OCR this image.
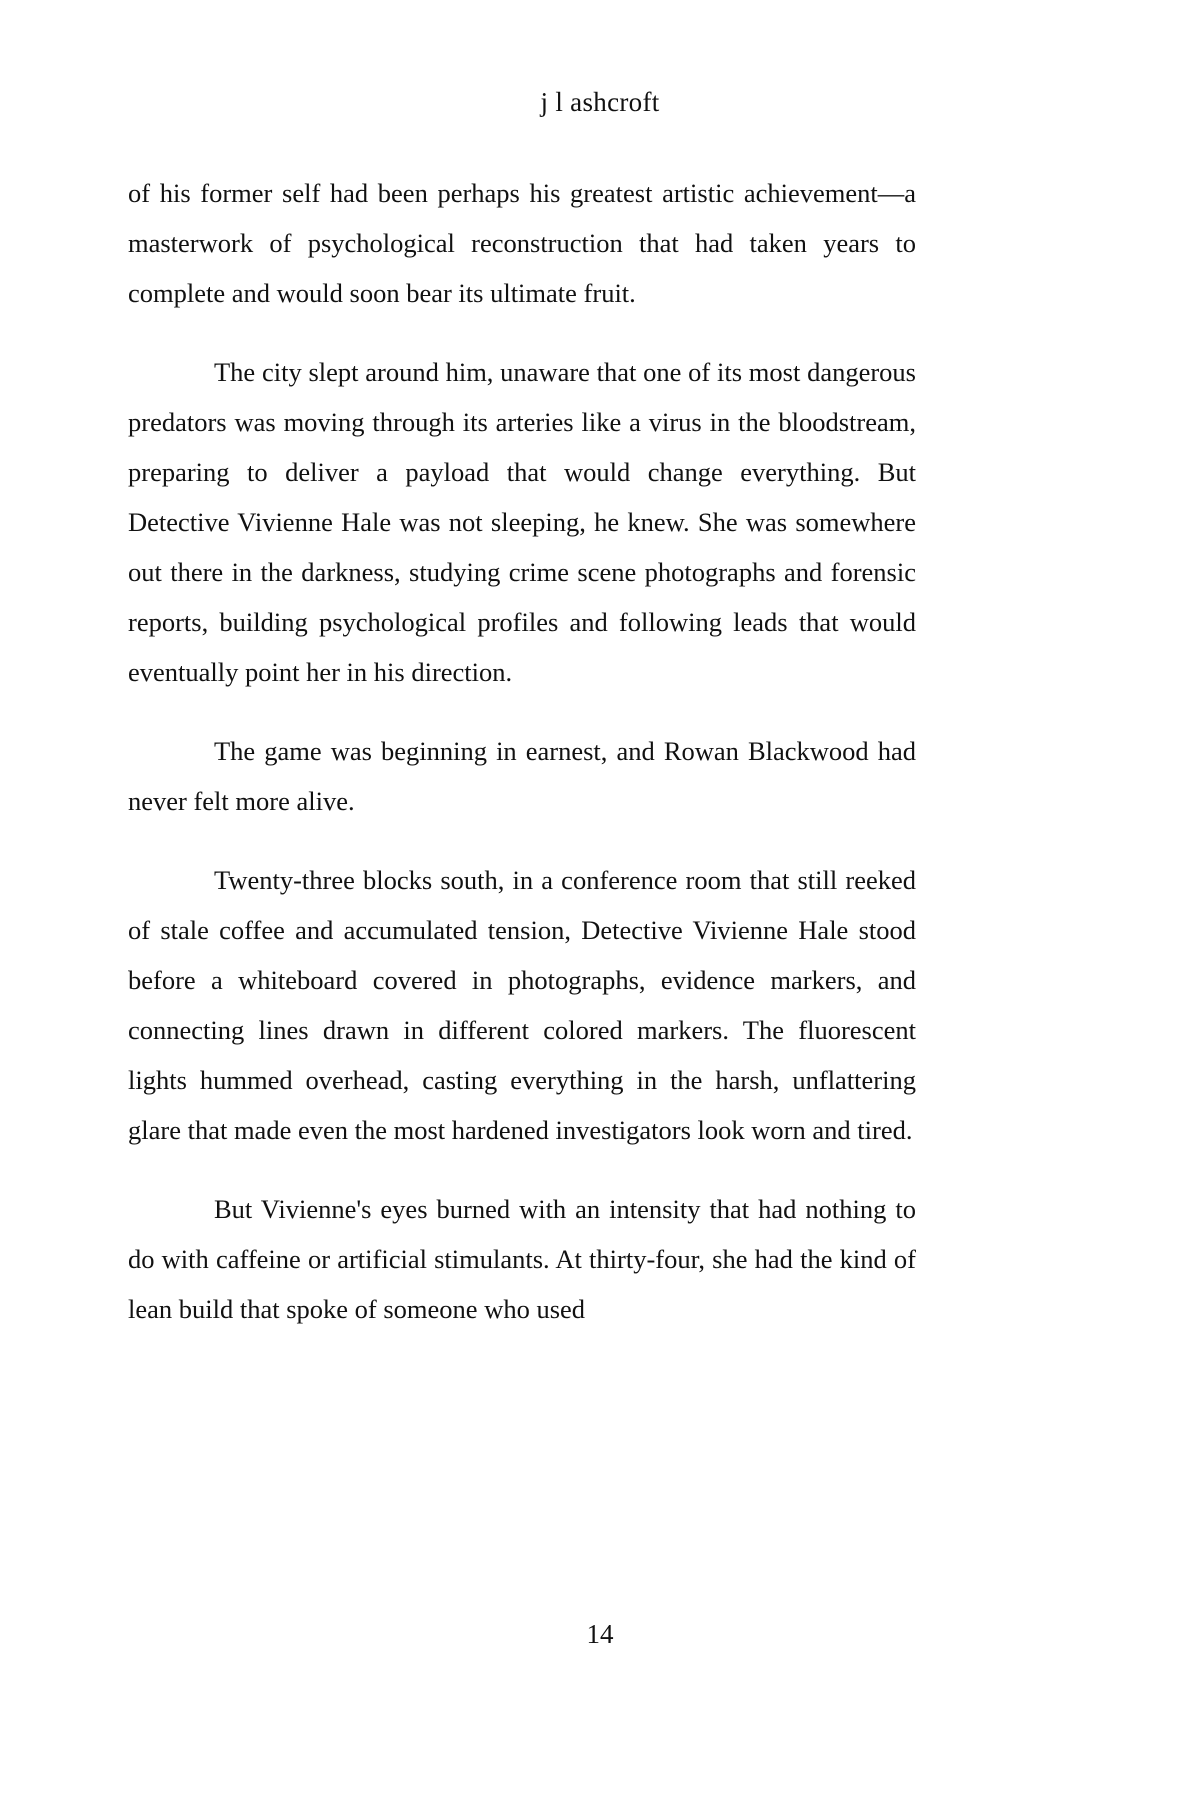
j l ashcroft

of his former self had been perhaps his greatest artistic achievement—a masterwork of psychological reconstruction that had taken years to complete and would soon bear its ultimate fruit.

The city slept around him, unaware that one of its most dangerous predators was moving through its arteries like a virus in the bloodstream, preparing to deliver a payload that would change everything. But Detective Vivienne Hale was not sleeping, he knew. She was somewhere out there in the darkness, studying crime scene photographs and forensic reports, building psychological profiles and following leads that would eventually point her in his direction.

The game was beginning in earnest, and Rowan Blackwood had never felt more alive.

Twenty-three blocks south, in a conference room that still reeked of stale coffee and accumulated tension, Detective Vivienne Hale stood before a whiteboard covered in photographs, evidence markers, and connecting lines drawn in different colored markers. The fluorescent lights hummed overhead, casting everything in the harsh, unflattering glare that made even the most hardened investigators look worn and tired.

But Vivienne's eyes burned with an intensity that had nothing to do with caffeine or artificial stimulants. At thirty-four, she had the kind of lean build that spoke of someone who used

14
